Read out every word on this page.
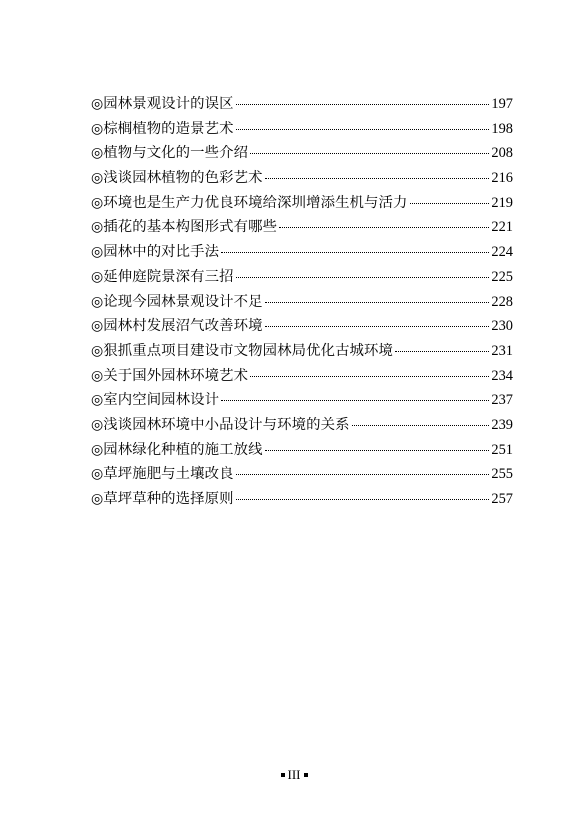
◎ 园林景观设计的误区	197
◎ 棕榈植物的造景艺术	198
◎ 植物与文化的一些介绍	208
◎ 浅谈园林植物的色彩艺术	216
◎ 环境也是生产力优良环境给深圳增添生机与活力	219
◎ 插花的基本构图形式有哪些	221
◎ 园林中的对比手法	224
◎ 延伸庭院景深有三招	225
◎ 论现今园林景观设计不足	228
◎ 园林村发展沼气改善环境	230
◎ 狠抓重点项目建设市文物园林局优化古城环境	231
◎ 关于国外园林环境艺术	234
◎ 室内空间园林设计	237
◎ 浅谈园林环境中小品设计与环境的关系	239
◎ 园林绿化种植的施工放线	251
◎ 草坪施肥与土壤改良	255
◎ 草坪草种的选择原则	257
III
